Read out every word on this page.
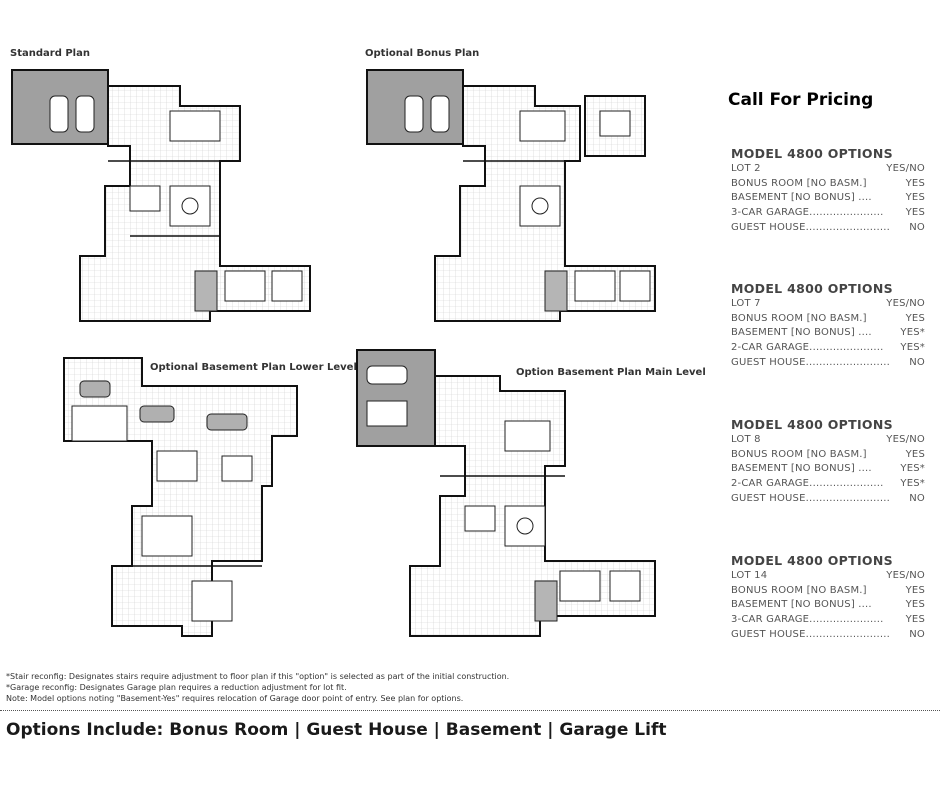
Standard Plan	Optional Bonus Plan
Optional Basement Plan Lower Level	Option Basement Plan Main Level
Call For Pricing
MODEL 4800 OPTIONS
LOT 2	YES/NO
BONUS ROOM [NO BASM.]	YES
BASEMENT [NO BONUS] ....	YES
3-CAR GARAGE...................... YES
GUEST HOUSE......................... NO
MODEL 4800 OPTIONS
LOT 7	YES/NO
BONUS ROOM [NO BASM.]	YES
BASEMENT [NO BONUS] ....	YES*
2-CAR GARAGE...................... YES*
GUEST HOUSE......................... NO
MODEL 4800 OPTIONS
LOT 8	YES/NO
BONUS ROOM [NO BASM.]	YES
BASEMENT [NO BONUS] ....	YES*
2-CAR GARAGE...................... YES*
GUEST HOUSE......................... NO
MODEL 4800 OPTIONS
LOT 14	YES/NO
BONUS ROOM [NO BASM.]	YES
BASEMENT [NO BONUS] ....	YES
3-CAR GARAGE...................... YES
GUEST HOUSE......................... NO
*Stair reconfig: Designates stairs require adjustment to floor plan if this "option" is selected as part of the initial construction.
*Garage reconfig: Designates Garage plan requires a reduction adjustment for lot fit.
Note: Model options noting "Basement-Yes" requires relocation of Garage door point of entry. See plan for options.
Options Include: Bonus Room | Guest House | Basement | Garage Lift
